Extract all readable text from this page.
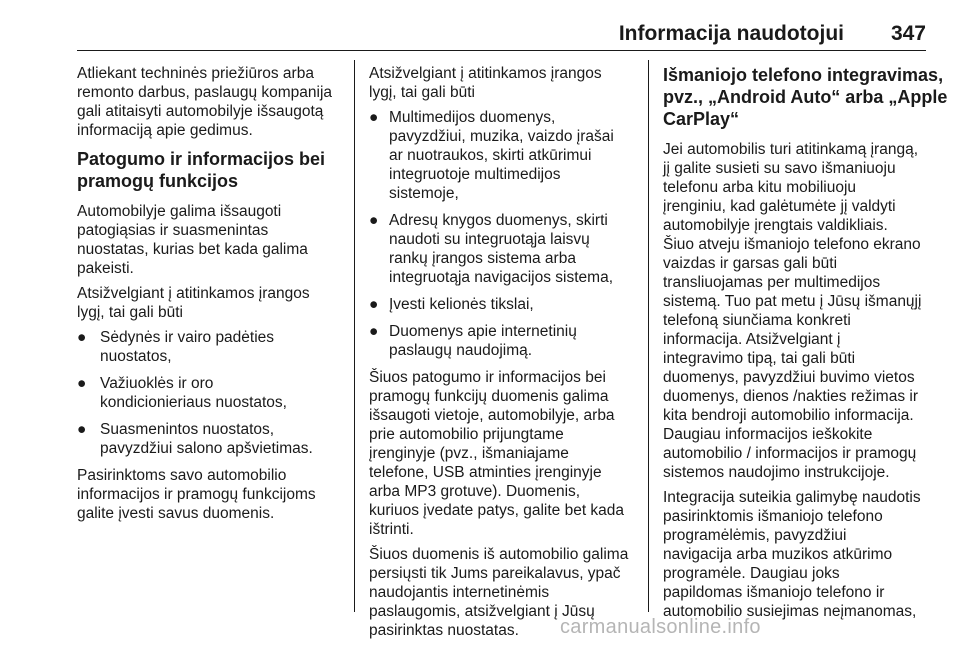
Informacija naudotojui 347

Atliekant techninės priežiūros arba
remonto darbus, paslaugų kompanija
gali atitaisyti automobilyje išsaugotą
informaciją apie gedimus.

Patogumo ir informacijos bei
pramogų funkcijos

Automobilyje galima išsaugoti
patogiąsias ir suasmenintas
nuostatas, kurias bet kada galima
pakeisti.

Atsižvelgiant į atitinkamos įrangos
lygį, tai gali būti

● Sėdynės ir vairo padėties
nuostatos,
● Važiuoklės ir oro
kondicionieriaus nuostatos,
● Suasmenintos nuostatos,
pavyzdžiui salono apšvietimas.

Pasirinktoms savo automobilio
informacijos ir pramogų funkcijoms
galite įvesti savus duomenis.

Atsižvelgiant į atitinkamos įrangos
lygį, tai gali būti

● Multimedijos duomenys,
pavyzdžiui, muzika, vaizdo įrašai
ar nuotraukos, skirti atkūrimui
integruotoje multimedijos
sistemoje,
● Adresų knygos duomenys, skirti
naudoti su integruotąja laisvų
rankų įrangos sistema arba
integruotąja navigacijos sistema,
● Įvesti kelionės tikslai,
● Duomenys apie internetinių
paslaugų naudojimą.

Šiuos patogumo ir informacijos bei
pramogų funkcijų duomenis galima
išsaugoti vietoje, automobilyje, arba
prie automobilio prijungtame
įrenginyje (pvz., išmaniajame
telefone, USB atminties įrenginyje
arba MP3 grotuve). Duomenis,
kuriuos įvedate patys, galite bet kada
ištrinti.

Šiuos duomenis iš automobilio galima
persiųsti tik Jums pareikalavus, ypač
naudojantis internetinėmis
paslaugomis, atsižvelgiant į Jūsų
pasirinktas nuostatas.

Išmaniojo telefono integravimas,
pvz., „Android Auto“ arba „Apple
CarPlay“

Jei automobilis turi atitinkamą įrangą,
jį galite susieti su savo išmaniuoju
telefonu arba kitu mobiliuoju
įrenginiu, kad galėtumėte jį valdyti
automobilyje įrengtais valdikliais.
Šiuo atveju išmaniojo telefono ekrano
vaizdas ir garsas gali būti
transliuojamas per multimedijos
sistemą. Tuo pat metu į Jūsų išmanųjį
telefoną siunčiama konkreti
informacija. Atsižvelgiant į
integravimo tipą, tai gali būti
duomenys, pavyzdžiui buvimo vietos
duomenys, dienos /nakties režimas ir
kita bendroji automobilio informacija.
Daugiau informacijos ieškokite
automobilio / informacijos ir pramogų
sistemos naudojimo instrukcijoje.

Integracija suteikia galimybę naudotis
pasirinktomis išmaniojo telefono
programėlėmis, pavyzdžiui
navigacija arba muzikos atkūrimo
programėle. Daugiau joks
papildomas išmaniojo telefono ir
automobilio susiejimas neįmanomas,

carmanualsonline.info
